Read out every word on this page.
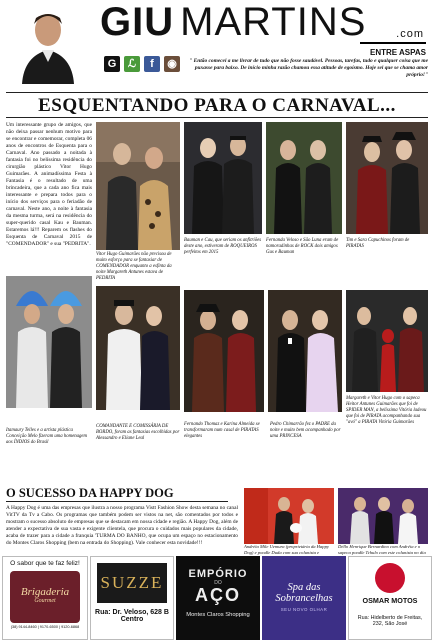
GIU MARTINS	.com
G	ℒ	f	◉
ENTRE ASPAS
" Então comecei a me livrar de tudo que não fosse saudável. Pessoas, tarefas, tudo e qualquer coisa que me puxasse para baixo. De início minha razão chamou essa atitude de egoísmo. Hoje sei que se chama amor próprio!"
ESQUENTANDO PARA O CARNAVAL...
Um interessante grupo de amigos, que não deixa passar nenhum motivo para se encontrar e comemorar, completa 06 anos de encontros de Esquenta para o Carnaval. Ano passado a noitada à fantasia foi no belíssima residência do cirurgião plástico Vitor Hugo Guimarães. A animadíssima Festa à Fantasia é o resultado de uma brincadeira, que a cada ano fica mais interessante e prepara todos para o início dos serviços para o feriadão de carnaval. Neste ano, a noite à fantasia da mesma turma, será na residência do super-querido casal Kau e Bauman. Estaremos lá!!! Reparem os flashes do Esquenta de Carnaval 2015 de "COMENDADOR" e sua "PEDRITA".
Vitor Hugo Guimarães não precisou de muito esforço para se fantasiar de COMENDADOR enquanto a esfinta da noite Margareth Antunes estava de PEDRITA
Bauman e Cau, que seriam os anfitriões deste ano, estiveram de ROQUEIROS perfeitos em 2015
Fernanda Veloso e São Luna eram de namoradinhas de ROCK dois amigos Gus e Bauman
Tim e Sara Capuchinos foram de PIRATAS
Itamaury Telles e a artista plástica Conceição Melo fizeram uma homenagem aos ÍNDIOS do Brasil
COMANDANTE E COMISSÁRIA DE BORDO, foram as fantasias escolhidas por Alessandro e Eliane Leal
Fernando Thomaz e Karina Almeida se transformaram num casal de PIRATAS elegantes
Pedro Chimarrão fez o PADRE da noite e muito bem acompanhado por uma PRINCESA
Margareth e Vitor Hugo com o sapeca Heitor Antunes Guimarães que foi de SPIDER MAN, a belíssima Vitória ladeou que foi de PIRATA acompanhando sua "avó" a PIRATA Vitória Guimarães
O SUCESSO DA HAPPY DOG
A Happy Dog é uma das empresas que ilustra a nosso programa Vistt Fashion Show desta semana no canal VitTV da Tv a Cabo. Os programas que também podem ser vistos na net, são comentados por todos e mostram o sucesso absoluto de empresas que se destacam em nossa cidade e região. A Happy Dog, além de atender a expectativa de sua vasta e exigente clientela, que procura o cuidados mais populares da cidade, acaba de trazer para a cidade a franquia 'TURMA DO BANHO, que ocupa um espaço no estacionamento do Montes Claros Shopping (bem na entrada do Shopping). Vale conhecer esta novidade!!!
Andréia Mile Uemura (proprietária da Happy Dog) e poodle Duda com sua colunista e
Déllo Henrique Bernardino com Andréia e o sapeca poodle Tchulo com este colunista no dia
O sabor que te faz feliz!
Brigaderia
Gourmet
(38) 9144-8460 | 9170-6500 | 9120-6868
SUZZE
Rua: Dr. Veloso, 628 B
Centro
EMPÓRIO
DO
AÇO
Montes Claros Shopping
Spa das Sobrancelhas
SEU NOVO OLHAR
OSMAR MOTOS
Rua: Hidelberto de Freitas,
232, São José
